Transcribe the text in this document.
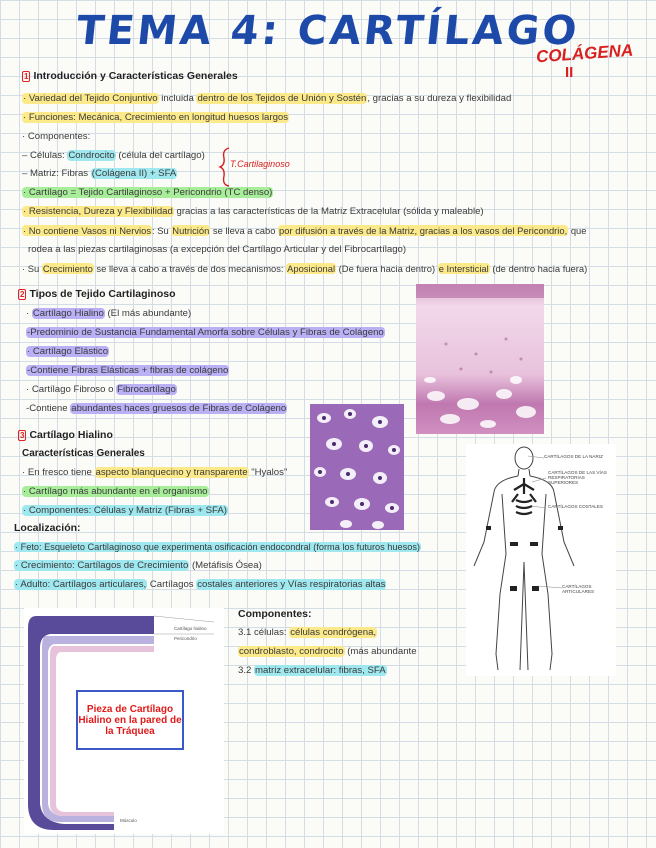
TEMA 4: CARTÍLAGO
COLÁGENA
II
1 Introducción y Características Generales
· Variedad del Tejido Conjuntivo incluida dentro de los Tejidos de Unión y Sostén, gracias a su dureza y flexibilidad
· Funciones: Mecánica, Crecimiento en longitud huesos largos
· Componentes:
– Células: Condrocito (célula del cartílago)
– Matriz: Fibras (Colágena II) + SFA
T.Cartilaginoso
· Cartílago = Tejido Cartilaginoso + Pericondrio (TC denso)
· Resistencia, Dureza y Flexibilidad gracias a las características de la Matriz Extracelular (sólida y maleable)
· No contiene Vasos ni Nervios: Su Nutrición se lleva a cabo por difusión a través de la Matriz, gracias a los vasos del Pericondrio, que
rodea a las piezas cartilaginosas (a excepción del Cartílago Articular y del Fibrocartílago)
· Su Crecimiento se lleva a cabo a través de dos mecanismos: Aposicional (De fuera hacia dentro) e Intersticial (de dentro hacia fuera)
2 Tipos de Tejido Cartilaginoso
· Cartílago Hialino (El más abundante)
-Predominio de Sustancia Fundamental Amorfa sobre Células y Fibras de Colágeno
· Cartílago Elástico
-Contiene Fibras Elásticas + fibras de colágeno
· Cartílago Fibroso o Fibrocartílago
-Contiene abundantes haces gruesos de Fibras de Colágeno
3 Cartílago Hialino
Características Generales
· En fresco tiene aspecto blanquecino y transparente "Hyalos"
· Cartílago más abundante en el organismo
· Componentes: Células y Matriz (Fibras + SFA)
Localización:
· Feto: Esqueleto Cartilaginoso que experimenta osificación endocondral (forma los futuros huesos)
· Crecimiento: Cartílagos de Crecimiento (Metáfisis Ósea)
· Adulto: Cartílagos articulares, Cartílagos costales anteriores y Vías respiratorias altas
CARTÍLAGOS DE LA NARIZ
CARTÍLAGOS DE LAS VÍAS RESPIRATORIAS SUPERIORES
CARTÍLAGOS COSTALES
CARTÍLAGOS ARTICULARES
Componentes:
3.1 células: células condrógena,
condroblasto, condrocito (más abundante
3.2 matriz extracelular: fibras, SFA
Cartílago hialino
Pericondrio
Músculo
Pieza de Cartílago Hialino en la pared de la Tráquea
